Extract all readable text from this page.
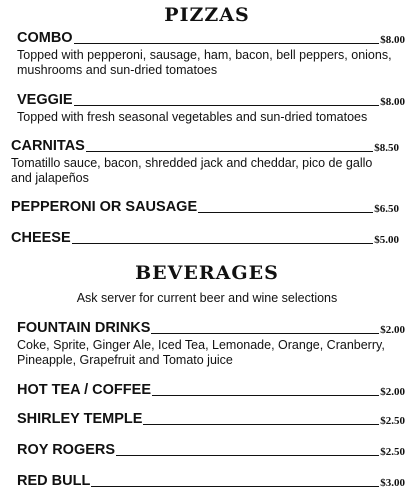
PIZZAS
COMBO	$8.00
Topped with pepperoni, sausage, ham, bacon, bell peppers, onions, mushrooms and sun-dried tomatoes
VEGGIE	$8.00
Topped with fresh seasonal vegetables and sun-dried tomatoes
CARNITAS	$8.50
Tomatillo sauce, bacon, shredded jack and cheddar, pico de gallo and jalapeños
PEPPERONI OR SAUSAGE	$6.50
CHEESE	$5.00
BEVERAGES
Ask server for current beer and wine selections
FOUNTAIN DRINKS	$2.00
Coke, Sprite, Ginger Ale, Iced Tea, Lemonade, Orange, Cranberry, Pineapple, Grapefruit and Tomato juice
HOT TEA / COFFEE	$2.00
SHIRLEY TEMPLE	$2.50
ROY ROGERS	$2.50
RED BULL	$3.00
